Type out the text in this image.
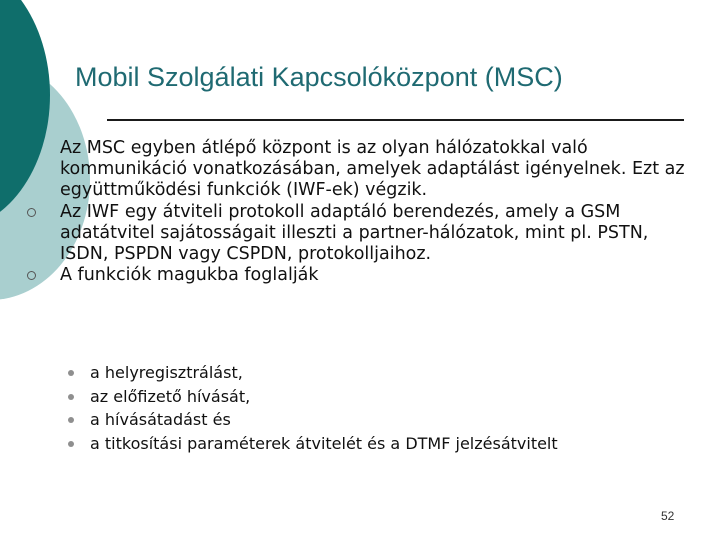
Mobil Szolgálati Kapcsolóközpont (MSC)
Az MSC egyben átlépő központ is az olyan hálózatokkal való kommunikáció vonatkozásában, amelyek adaptálást igényelnek. Ezt az együttműködési funkciók (IWF-ek) végzik.
Az IWF egy átviteli protokoll adaptáló berendezés, amely a GSM adatátvitel sajátosságait illeszti a partner-hálózatok, mint pl. PSTN, ISDN, PSPDN vagy CSPDN, protokolljaihoz.
A funkciók magukba foglalják
a helyregisztrálást,
az előfizető hívását,
a hívásátadást és
a titkosítási paraméterek átvitelét és a DTMF jelzésátvitelt
52
